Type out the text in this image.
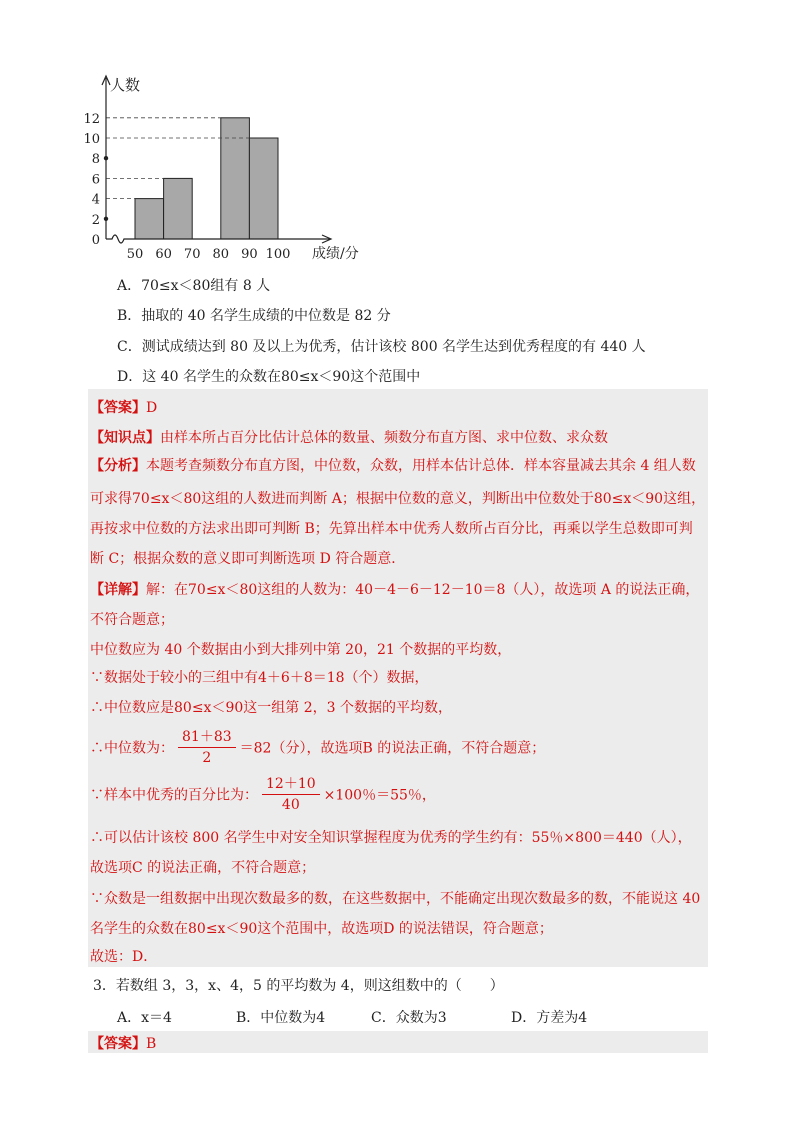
0
2
4
6
8
10
12
50 60 70 80 90 100
人数
成绩/分
A．70≤x＜80组有 8 人
B．抽取的 40 名学生成绩的中位数是 82 分
C．测试成绩达到 80 及以上为优秀，估计该校 800 名学生达到优秀程度的有 440 人
D．这 40 名学生的众数在80≤x＜90这个范围中
【答案】D
【知识点】由样本所占百分比估计总体的数量、频数分布直方图、求中位数、求众数
【分析】本题考查频数分布直方图，中位数，众数，用样本估计总体．样本容量减去其余 4 组人数
可求得70≤x＜80这组的人数进而判断 A；根据中位数的意义，判断出中位数处于80≤x＜90这组，
再按求中位数的方法求出即可判断 B；先算出样本中优秀人数所占百分比，再乘以学生总数即可判
断 C；根据众数的意义即可判断选项 D 符合题意．
【详解】解：在70≤x＜80这组的人数为：40－4－6－12－10＝8（人），故选项 A 的说法正确，
不符合题意；
中位数应为 40 个数据由小到大排列中第 20，21 个数据的平均数，
∵数据处于较小的三组中有4＋6＋8＝18（个）数据，
∴中位数应是80≤x＜90这一组第 2，3 个数据的平均数，
∴中位数为： $\frac{81+83}{2} =82$（分），故选项B 的说法正确，不符合题意；
∵样本中优秀的百分比为： $\frac{12+10}{40} \times 100$％＝55％，
∴可以估计该校 800 名学生中对安全知识掌握程度为优秀的学生约有：55％×800＝440（人），
故选项C 的说法正确，不符合题意；
∵众数是一组数据中出现次数最多的数，在这些数据中，不能确定出现次数最多的数，不能说这 40
名学生的众数在80≤x＜90这个范围中，故选项D 的说法错误，符合题意；
故选：D．
3．若数组 3，3，x、4，5 的平均数为 4，则这组数中的（　　）
A．x＝4	B．中位数为4	C．众数为3	D．方差为4
【答案】B
